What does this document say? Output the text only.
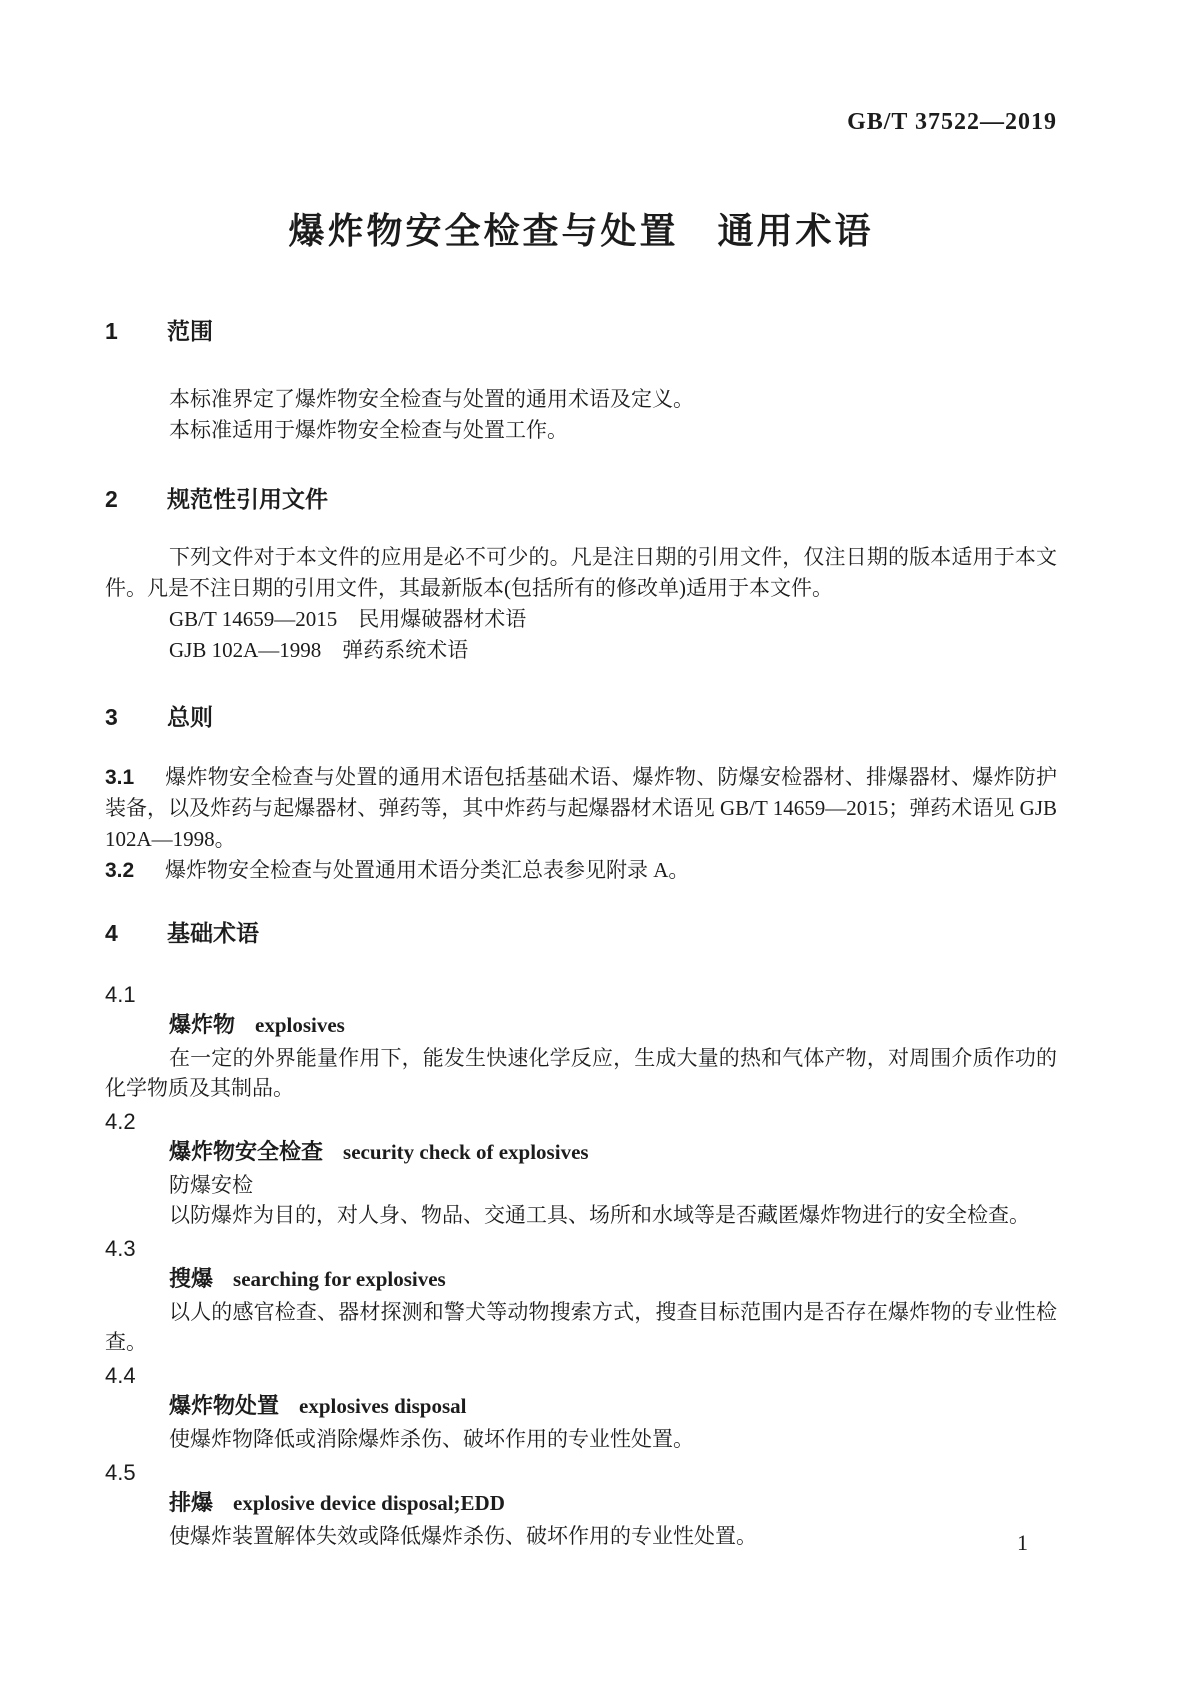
GB/T 37522—2019
爆炸物安全检查与处置　通用术语
1 范围

本标准界定了爆炸物安全检查与处置的通用术语及定义。

本标准适用于爆炸物安全检查与处置工作。

2 规范性引用文件

下列文件对于本文件的应用是必不可少的。凡是注日期的引用文件，仅注日期的版本适用于本文件。凡是不注日期的引用文件，其最新版本(包括所有的修改单)适用于本文件。

GB/T 14659—2015　民用爆破器材术语

GJB 102A—1998　弹药系统术语

3 总则

3.1 爆炸物安全检查与处置的通用术语包括基础术语、爆炸物、防爆安检器材、排爆器材、爆炸防护装备，以及炸药与起爆器材、弹药等，其中炸药与起爆器材术语见 GB/T 14659—2015；弹药术语见 GJB 102A—1998。

3.2 爆炸物安全检查与处置通用术语分类汇总表参见附录 A。

4 基础术语

4.1

爆炸物 explosives

在一定的外界能量作用下，能发生快速化学反应，生成大量的热和气体产物，对周围介质作功的化学物质及其制品。

4.2

爆炸物安全检查 security check of explosives

防爆安检

以防爆炸为目的，对人身、物品、交通工具、场所和水域等是否藏匿爆炸物进行的安全检查。

4.3

搜爆 searching for explosives

以人的感官检查、器材探测和警犬等动物搜索方式，搜查目标范围内是否存在爆炸物的专业性检查。

4.4

爆炸物处置 explosives disposal

使爆炸物降低或消除爆炸杀伤、破坏作用的专业性处置。

4.5

排爆 explosive device disposal;EDD

使爆炸装置解体失效或降低爆炸杀伤、破坏作用的专业性处置。	1
